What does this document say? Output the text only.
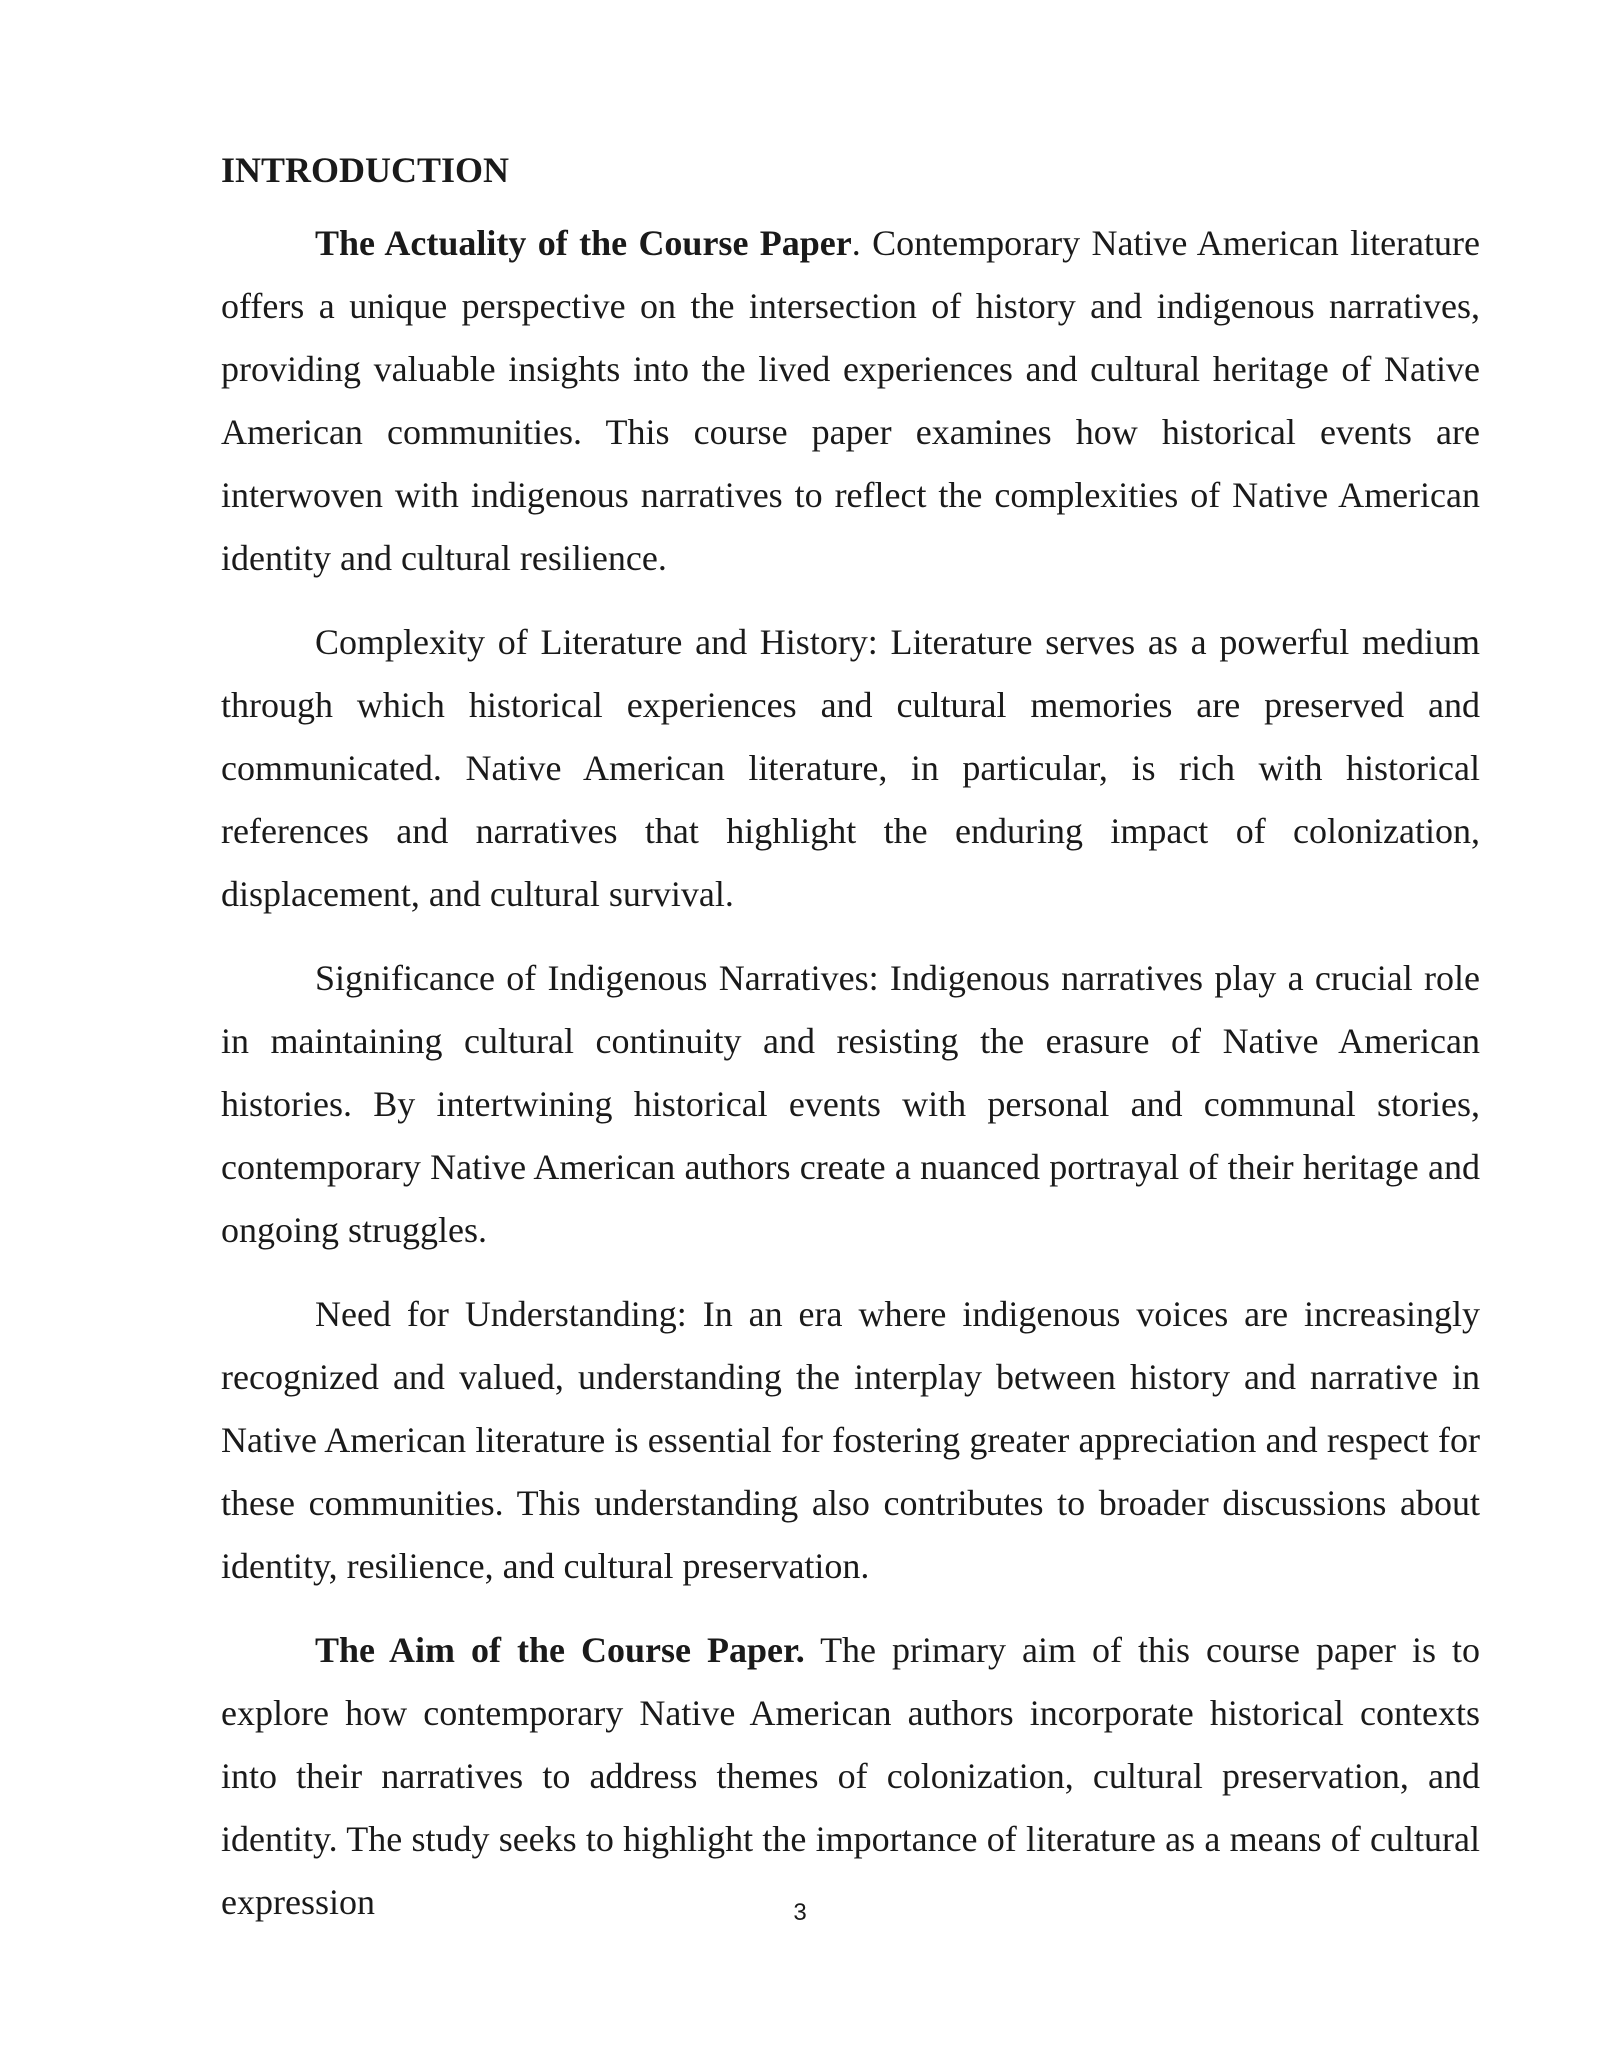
INTRODUCTION

The Actuality of the Course Paper. Contemporary Native American literature offers a unique perspective on the intersection of history and indigenous narratives, providing valuable insights into the lived experiences and cultural heritage of Native American communities. This course paper examines how historical events are interwoven with indigenous narratives to reflect the complexities of Native American identity and cultural resilience.

Complexity of Literature and History: Literature serves as a powerful medium through which historical experiences and cultural memories are preserved and communicated. Native American literature, in particular, is rich with historical references and narratives that highlight the enduring impact of colonization, displacement, and cultural survival.

Significance of Indigenous Narratives: Indigenous narratives play a crucial role in maintaining cultural continuity and resisting the erasure of Native American histories. By intertwining historical events with personal and communal stories, contemporary Native American authors create a nuanced portrayal of their heritage and ongoing struggles.

Need for Understanding: In an era where indigenous voices are increasingly recognized and valued, understanding the interplay between history and narrative in Native American literature is essential for fostering greater appreciation and respect for these communities. This understanding also contributes to broader discussions about identity, resilience, and cultural preservation.

The Aim of the Course Paper. The primary aim of this course paper is to explore how contemporary Native American authors incorporate historical contexts into their narratives to address themes of colonization, cultural preservation, and identity. The study seeks to highlight the importance of literature as a means of cultural expression	3
